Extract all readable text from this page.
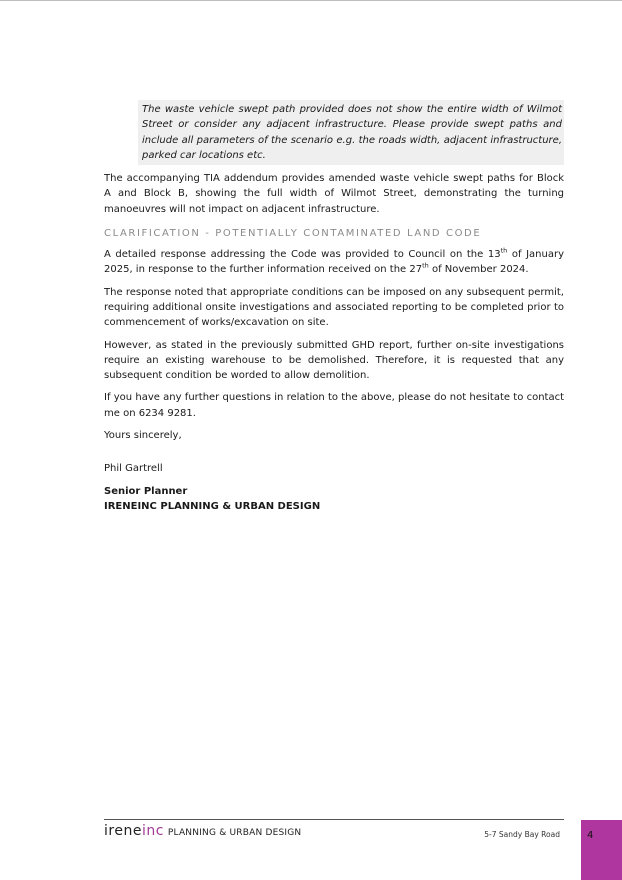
The waste vehicle swept path provided does not show the entire width of Wilmot Street or consider any adjacent infrastructure. Please provide swept paths and include all parameters of the scenario e.g. the roads width, adjacent infrastructure, parked car locations etc.

The accompanying TIA addendum provides amended waste vehicle swept paths for Block A and Block B, showing the full width of Wilmot Street, demonstrating the turning manoeuvres will not impact on adjacent infrastructure.

CLARIFICATION - POTENTIALLY CONTAMINATED LAND CODE

A detailed response addressing the Code was provided to Council on the 13th of January 2025, in response to the further information received on the 27th of November 2024.

The response noted that appropriate conditions can be imposed on any subsequent permit, requiring additional onsite investigations and associated reporting to be completed prior to commencement of works/excavation on site.

However, as stated in the previously submitted GHD report, further on-site investigations require an existing warehouse to be demolished. Therefore, it is requested that any subsequent condition be worded to allow demolition.

If you have any further questions in relation to the above, please do not hesitate to contact me on 6234 9281.

Yours sincerely,

Phil Gartrell

Senior Planner

IRENEINC PLANNING & URBAN DESIGN

ireneinc PLANNING & URBAN DESIGN	5-7 Sandy Bay Road	4
